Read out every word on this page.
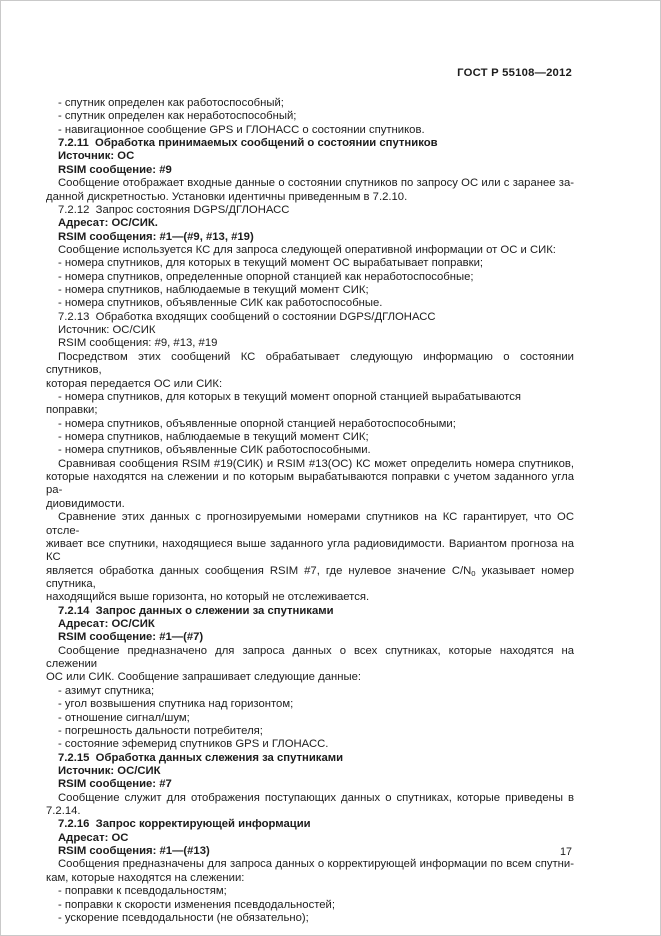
ГОСТ Р 55108—2012
- спутник определен как работоспособный;
- спутник определен как неработоспособный;
- навигационное сообщение GPS и ГЛОНАСС о состоянии спутников.
7.2.11  Обработка принимаемых сообщений о состоянии спутников
Источник: ОС
RSIM сообщение: #9
Сообщение отображает входные данные о состоянии спутников по запросу ОС или с заранее за-
данной дискретностью. Установки идентичны приведенным в 7.2.10.
7.2.12  Запрос состояния DGPS/ДГЛОНАСС
Адресат: ОС/СИК.
RSIM сообщения: #1—(#9, #13, #19)
Сообщение используется КС для запроса следующей оперативной информации от ОС и СИК:
- номера спутников, для которых в текущий момент ОС вырабатывает поправки;
- номера спутников, определенные опорной станцией как неработоспособные;
- номера спутников, наблюдаемые в текущий момент СИК;
- номера спутников, объявленные СИК как работоспособные.
7.2.13  Обработка входящих сообщений о состоянии DGPS/ДГЛОНАСС
Источник: ОС/СИК
RSIM сообщения: #9, #13, #19
Посредством этих сообщений КС обрабатывает следующую информацию о состоянии спутников,
которая передается ОС или СИК:
- номера спутников, для которых в текущий момент опорной станцией вырабатываются поправки;
- номера спутников, объявленные опорной станцией неработоспособными;
- номера спутников, наблюдаемые в текущий момент СИК;
- номера спутников, объявленные СИК работоспособными.
Сравнивая сообщения RSIM #19(СИК) и RSIM #13(ОС) КС может определить номера спутников,
которые находятся на слежении и по которым вырабатываются поправки с учетом заданного угла ра-
диовидимости.
Сравнение этих данных с прогнозируемыми номерами спутников на КС гарантирует, что ОС отсле-
живает все спутники, находящиеся выше заданного угла радиовидимости. Вариантом прогноза на КС
является обработка данных сообщения RSIM #7, где нулевое значение $C/N_0$ указывает номер спутника,
находящийся выше горизонта, но который не отслеживается.
7.2.14  Запрос данных о слежении за спутниками
Адресат: ОС/СИК
RSIM сообщение: #1—(#7)
Сообщение предназначено для запроса данных о всех спутниках, которые находятся на слежении
ОС или СИК. Сообщение запрашивает следующие данные:
- азимут спутника;
- угол возвышения спутника над горизонтом;
- отношение сигнал/шум;
- погрешность дальности потребителя;
- состояние эфемерид спутников GPS и ГЛОНАСС.
7.2.15  Обработка данных слежения за спутниками
Источник: ОС/СИК
RSIM сообщение: #7
Сообщение служит для отображения поступающих данных о спутниках, которые приведены в
7.2.14.
7.2.16  Запрос корректирующей информации
Адресат: ОС
RSIM сообщения: #1—(#13)
Сообщения предназначены для запроса данных о корректирующей информации по всем спутни-
кам, которые находятся на слежении:
- поправки к псевдодальностям;
- поправки к скорости изменения псевдодальностей;
- ускорение псевдодальности (не обязательно);
17
